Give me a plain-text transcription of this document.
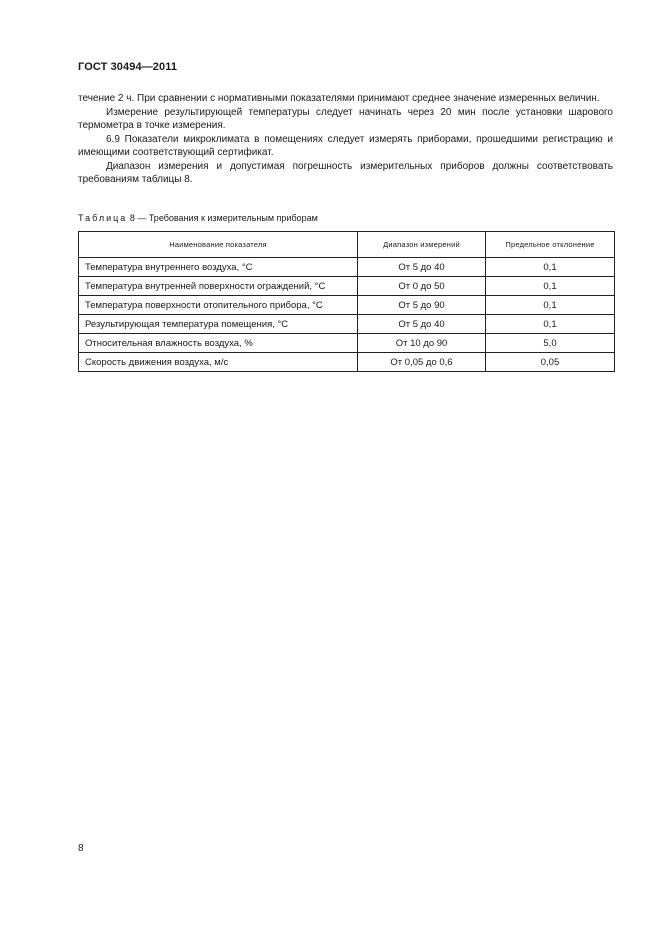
ГОСТ 30494—2011

течение 2 ч. При сравнении с нормативными показателями принимают среднее значение измеренных величин.

Измерение результирующей температуры следует начинать через 20 мин после установки шарового термометра в точке измерения.

6.9 Показатели микроклимата в помещениях следует измерять приборами, прошедшими регистрацию и имеющими соответствующий сертификат.

Диапазон измерения и допустимая погрешность измерительных приборов должны соответствовать требованиям таблицы 8.

Таблица 8 — Требования к измерительным приборам
Наименование показателя	Диапазон измерений	Предельное отклонение
Температура внутреннего воздуха, °С	От 5 до 40	0,1
Температура внутренней поверхности ограждений, °С	От 0 до 50	0,1
Температура поверхности отопительного прибора, °С	От 5 до 90	0,1
Результирующая температура помещения, °С	От 5 до 40	0,1
Относительная влажность воздуха, %	От 10 до 90	5,0
Скорость движения воздуха, м/с	От 0,05 до 0,6	0,05
8
